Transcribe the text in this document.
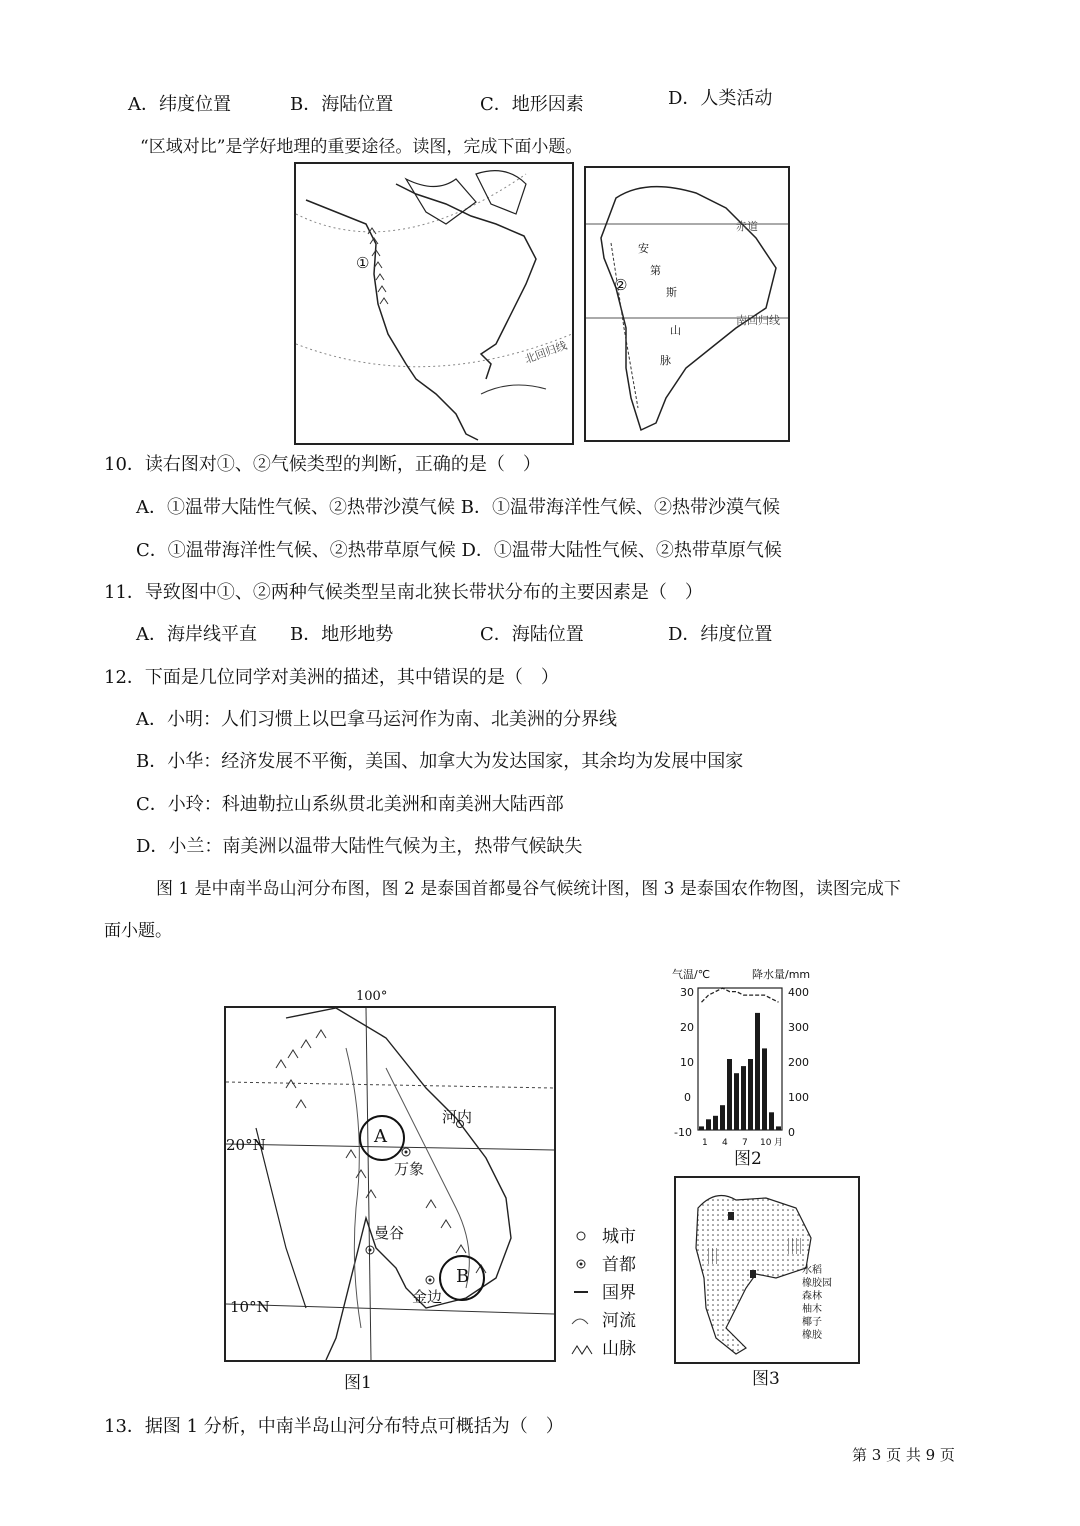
A．纬度位置	B．海陆位置	C．地形因素	D．人类活动
“区域对比”是学好地理的重要途径。读图，完成下面小题。
①
北回归线
赤道
南回归线
②
安
第
斯
山
脉
10．读右图对①、②气候类型的判断，正确的是（　）
A．①温带大陆性气候、②热带沙漠气候 B．①温带海洋性气候、②热带沙漠气候
C．①温带海洋性气候、②热带草原气候 D．①温带大陆性气候、②热带草原气候
11．导致图中①、②两种气候类型呈南北狭长带状分布的主要因素是（　）
A．海岸线平直 B．地形地势	C．海陆位置	D．纬度位置
12．下面是几位同学对美洲的描述，其中错误的是（　）
A．小明：人们习惯上以巴拿马运河作为南、北美洲的分界线
B．小华：经济发展不平衡，美国、加拿大为发达国家，其余均为发展中国家
C．小玲：科迪勒拉山系纵贯北美洲和南美洲大陆西部
D．小兰：南美洲以温带大陆性气候为主，热带气候缺失
图 1 是中南半岛山河分布图，图 2 是泰国首都曼谷气候统计图，图 3 是泰国农作物图，读图完成下
面小题。
100°
A
B
河内
万象
曼谷
金边
20°N
10°N
图1
城市
首都
国界
河流
山脉
气温/℃	降水量/mm
30
20
10
0
-10
400
300
200
100
0
1 4 7 10 月
图2
水稻
橡胶园
森林
柚木
椰子
橡胶
图3
13．据图 1 分析，中南半岛山河分布特点可概括为（　）
第 3 页 共 9 页
